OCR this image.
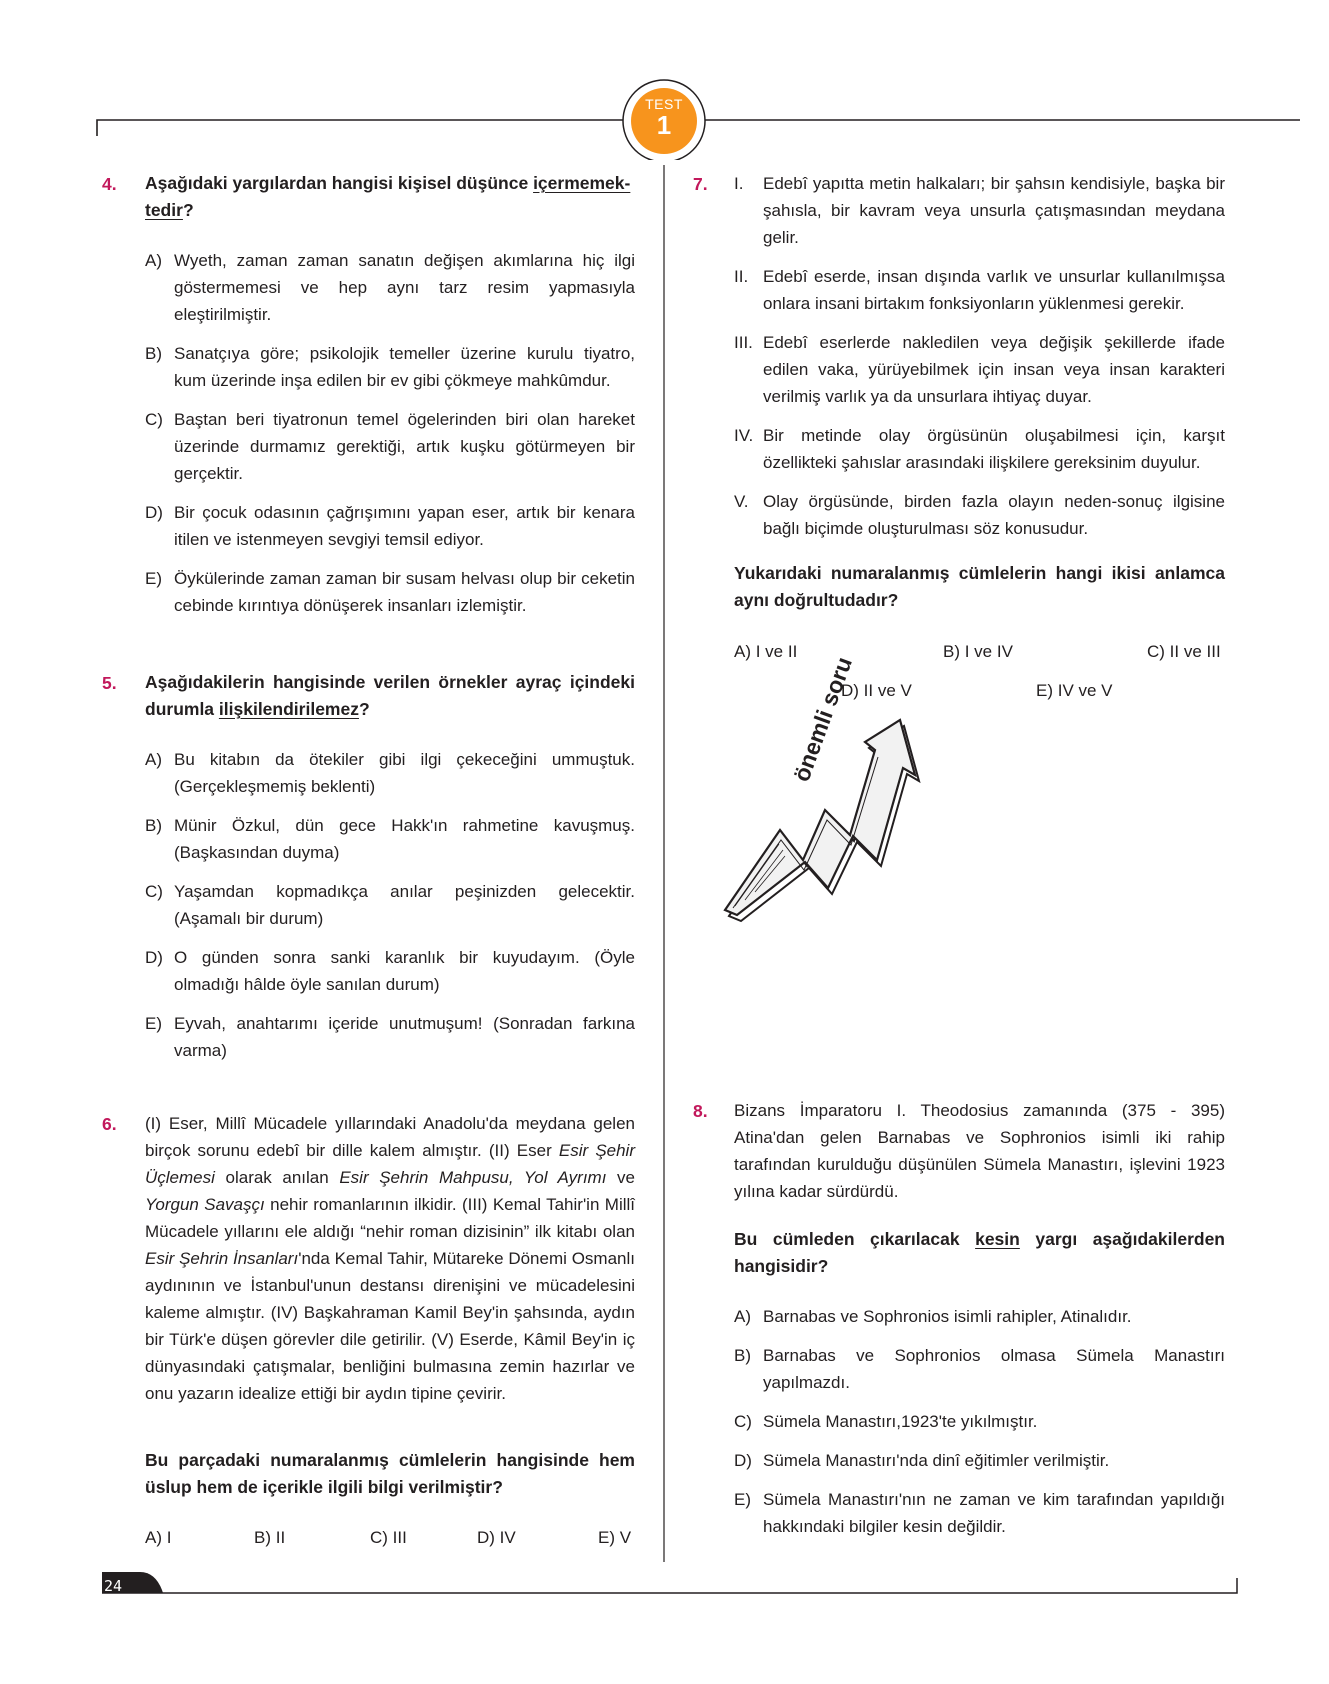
TEST
1
4. Aşağıdaki yargılardan hangisi kişisel düşünce içermemek-
tedir?
A) Wyeth, zaman zaman sanatın değişen akımlarına hiç ilgi göstermemesi ve hep aynı tarz resim yapmasıyla eleştirilmiştir.
B) Sanatçıya göre; psikolojik temeller üzerine kurulu tiyatro, kum üzerinde inşa edilen bir ev gibi çökmeye mahkûmdur.
C) Baştan beri tiyatronun temel ögelerinden biri olan hareket üzerinde durmamız gerektiği, artık kuşku götürmeyen bir gerçektir.
D) Bir çocuk odasının çağrışımını yapan eser, artık bir kenara itilen ve istenmeyen sevgiyi temsil ediyor.
E) Öykülerinde zaman zaman bir susam helvası olup bir ceketin cebinde kırıntıya dönüşerek insanları izlemiştir.
5. Aşağıdakilerin hangisinde verilen örnekler ayraç içindeki durumla ilişkilendirilemez?
A) Bu kitabın da ötekiler gibi ilgi çekeceğini ummuştuk. (Gerçekleşmemiş beklenti)
B) Münir Özkul, dün gece Hakk'ın rahmetine kavuşmuş. (Başkasından duyma)
C) Yaşamdan kopmadıkça anılar peşinizden gelecektir. (Aşamalı bir durum)
D) O günden sonra sanki karanlık bir kuyudayım. (Öyle olmadığı hâlde öyle sanılan durum)
E) Eyvah, anahtarımı içeride unutmuşum! (Sonradan farkına varma)
6. (I) Eser, Millî Mücadele yıllarındaki Anadolu'da meydana gelen birçok sorunu edebî bir dille kalem almıştır. (II) Eser Esir Şehir Üçlemesi olarak anılan Esir Şehrin Mahpusu, Yol Ayrımı ve Yorgun Savaşçı nehir romanlarının ilkidir. (III) Kemal Tahir'in Millî Mücadele yıllarını ele aldığı “nehir roman dizisinin” ilk kitabı olan Esir Şehrin İnsanları'nda Kemal Tahir, Mütareke Dönemi Osmanlı aydınının ve İstanbul'unun destansı direnişini ve mücadelesini kaleme almıştır. (IV) Başkahraman Kamil Bey'in şahsında, aydın bir Türk'e düşen görevler dile getirilir. (V) Eserde, Kâmil Bey'in iç dünyasındaki çatışmalar, benliğini bulmasına zemin hazırlar ve onu yazarın idealize ettiği bir aydın tipine çevirir.
Bu parçadaki numaralanmış cümlelerin hangisinde hem üslup hem de içerikle ilgili bilgi verilmiştir?
A) I	B) II	C) III	D) IV	E) V
7. I.	Edebî yapıtta metin halkaları; bir şahsın kendisiyle, başka bir şahısla, bir kavram veya unsurla çatışmasından meydana gelir.
II. Edebî eserde, insan dışında varlık ve unsurlar kullanılmışsa onlara insani birtakım fonksiyonların yüklenmesi gerekir.
III. Edebî eserlerde nakledilen veya değişik şekillerde ifade edilen vaka, yürüyebilmek için insan veya insan karakteri verilmiş varlık ya da unsurlara ihtiyaç duyar.
IV. Bir metinde olay örgüsünün oluşabilmesi için, karşıt özellikteki şahıslar arasındaki ilişkilere gereksinim duyulur.
V. Olay örgüsünde, birden fazla olayın neden-sonuç ilgisine bağlı biçimde oluşturulması söz konusudur.
Yukarıdaki numaralanmış cümlelerin hangi ikisi anlamca aynı doğrultudadır?
A) I ve II	B) I ve IV	C) II ve III
D) II ve V	E) IV ve V
önemli soru
8. Bizans İmparatoru I. Theodosius zamanında (375 - 395) Atina'dan gelen Barnabas ve Sophronios isimli iki rahip tarafından kurulduğu düşünülen Sümela Manastırı, işlevini 1923 yılına kadar sürdürdü.
Bu cümleden çıkarılacak kesin yargı aşağıdakilerden hangisidir?
A) Barnabas ve Sophronios isimli rahipler, Atinalıdır.
B) Barnabas ve Sophronios olmasa Sümela Manastırı yapılmazdı.
C) Sümela Manastırı,1923'te yıkılmıştır.
D) Sümela Manastırı'nda dinî eğitimler verilmiştir.
E) Sümela Manastırı'nın ne zaman ve kim tarafından yapıldığı hakkındaki bilgiler kesin değildir.
24
